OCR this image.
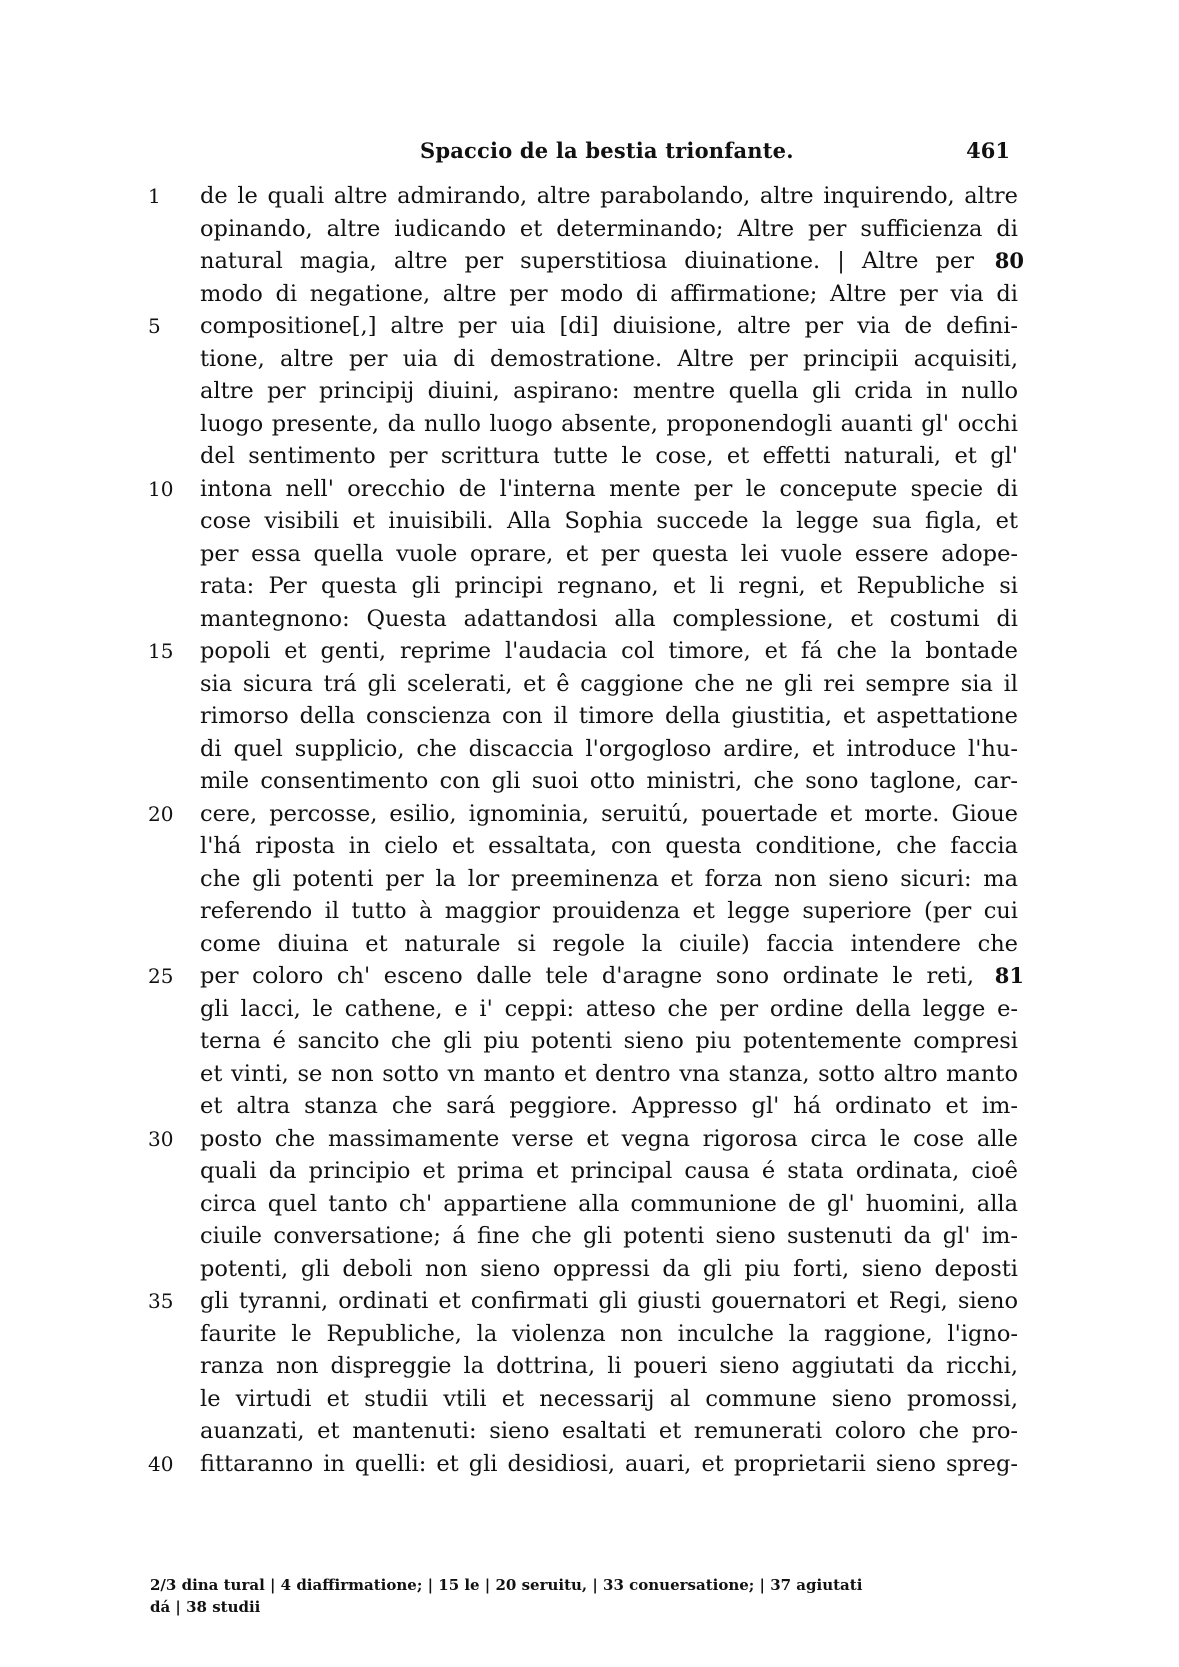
Spaccio de la bestia trionfante.	461
1	de le quali altre admirando, altre parabolando, altre inquirendo, altre
opinando, altre iudicando et determinando; Altre per sufficienza di
natural magia, altre per superstitiosa diuinatione. | Altre per 80
modo di negatione, altre per modo di affirmatione; Altre per via di
5	compositione[,] altre per uia [di] diuisione, altre per via de defini-
tione, altre per uia di demostratione. Altre per principii acquisiti,
altre per principij diuini, aspirano: mentre quella gli crida in nullo
luogo presente, da nullo luogo absente, proponendogli auanti gl' occhi
del sentimento per scrittura tutte le cose, et effetti naturali, et gl'
10	intona nell' orecchio de l'interna mente per le concepute specie di
cose visibili et inuisibili. Alla Sophia succede la legge sua figla, et
per essa quella vuole oprare, et per questa lei vuole essere adope-
rata: Per questa gli principi regnano, et li regni, et Republiche si
mantegnono: Questa adattandosi alla complessione, et costumi di
15	popoli et genti, reprime l'audacia col timore, et fá che la bontade
sia sicura trá gli scelerati, et ê caggione che ne gli rei sempre sia il
rimorso della conscienza con il timore della giustitia, et aspettatione
di quel supplicio, che discaccia l'orgogloso ardire, et introduce l'hu-
mile consentimento con gli suoi otto ministri, che sono taglone, car-
20	cere, percosse, esilio, ignominia, seruitú, pouertade et morte. Gioue
l'há riposta in cielo et essaltata, con questa conditione, che faccia
che gli potenti per la lor preeminenza et forza non sieno sicuri: ma
referendo il tutto à maggior prouidenza et legge superiore (per cui
come diuina et naturale si regole la ciuile) faccia intendere che
25	per coloro ch' esceno dalle tele d'aragne sono ordinate le reti, 81
gli lacci, le cathene, e i' ceppi: atteso che per ordine della legge e-
terna é sancito che gli piu potenti sieno piu potentemente compresi
et vinti, se non sotto vn manto et dentro vna stanza, sotto altro manto
et altra stanza che sará peggiore. Appresso gl' há ordinato et im-
30	posto che massimamente verse et vegna rigorosa circa le cose alle
quali da principio et prima et principal causa é stata ordinata, cioê
circa quel tanto ch' appartiene alla communione de gl' huomini, alla
ciuile conversatione; á fine che gli potenti sieno sustenuti da gl' im-
potenti, gli deboli non sieno oppressi da gli piu forti, sieno deposti
35	gli tyranni, ordinati et confirmati gli giusti gouernatori et Regi, sieno
faurite le Republiche, la violenza non inculche la raggione, l'igno-
ranza non dispreggie la dottrina, li poueri sieno aggiutati da ricchi,
le virtudi et studii vtili et necessarij al commune sieno promossi,
auanzati, et mantenuti: sieno esaltati et remunerati coloro che pro-
40	fittaranno in quelli: et gli desidiosi, auari, et proprietarii sieno spreg-
2/3 dina tural | 4 diaffirmatione; | 15 le | 20 seruitu, | 33 conuersatione; | 37 agiutati
dá | 38 studii
